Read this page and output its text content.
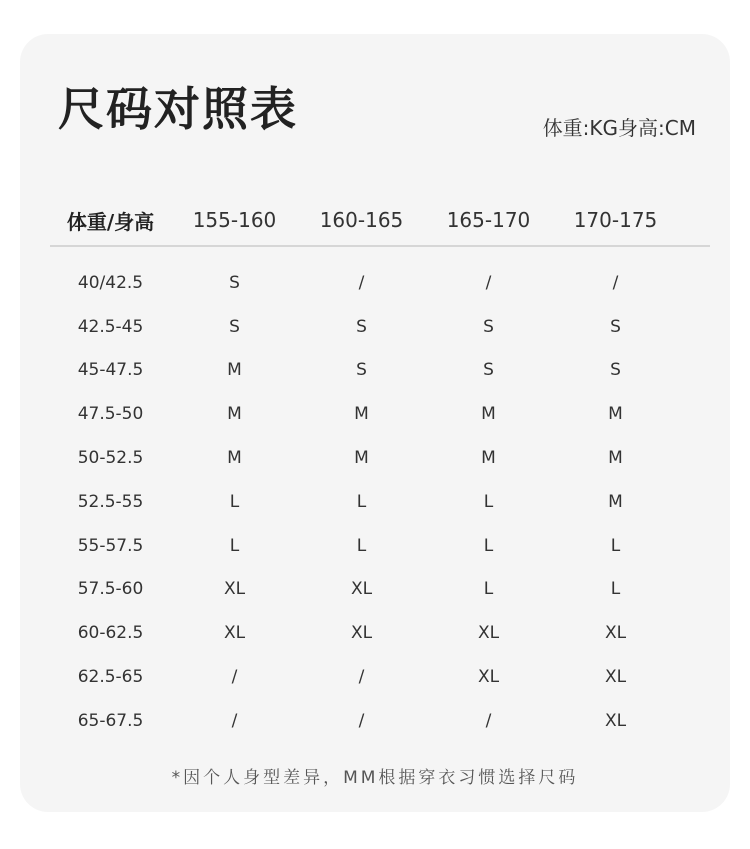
尺码对照表	体重:KG身高:CM
体重/身高	155-160	160-165	165-170	170-175
40/42.5	S	/	/	/
42.5-45	S	S	S	S
45-47.5	M	S	S	S
47.5-50	M	M	M	M
50-52.5	M	M	M	M
52.5-55	L	L	L	M
55-57.5	L	L	L	L
57.5-60	XL	XL	L	L
60-62.5	XL	XL	XL	XL
62.5-65	/	/	XL	XL
65-67.5	/	/	/	XL
*因个人身型差异，MM根据穿衣习惯选择尺码
